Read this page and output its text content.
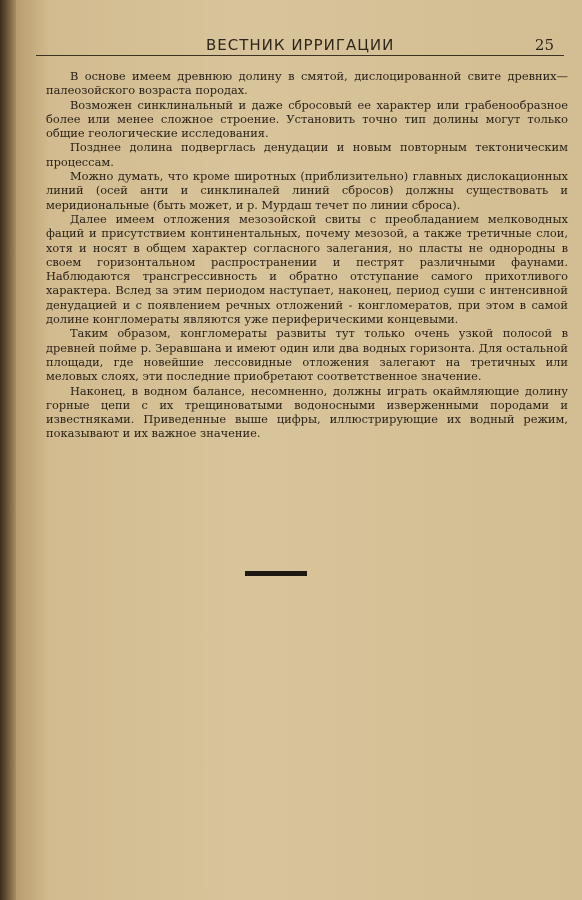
ВЕСТНИК ИРРИГАЦИИ	25

В основе имеем древнюю долину в смятой, дислоцированной свите древних—палеозойского возраста породах.

Возможен синклинальный и даже сбросовый ее характер или грабенообразное более или менее сложное строение. Установить точно тип долины могут только общие геологические исследования.

Позднее долина подверглась денудации и новым повторным тектоническим процессам.

Можно думать, что кроме широтных (приблизительно) главных дислокационных линий (осей анти и синклиналей линий сбросов) должны существовать и меридиональные (быть может, и р. Мурдаш течет по линии сброса).

Далее имеем отложения мезозойской свиты с преобладанием мелководных фаций и присутствием континентальных, почему мезозой, а также третичные слои, хотя и носят в общем характер согласного залегания, но пласты не однородны в своем горизонтальном распространении и пестрят различными фаунами. Наблюдаются трансгрессивность и обратно отступание самого прихотливого характера. Вслед за этим периодом наступает, наконец, период суши с интенсивной денудацией и с появлением речных отложений - конгломератов, при этом в самой долине конгломераты являются уже периферическими концевыми.

Таким образом, конгломераты развиты тут только очень узкой полосой в древней пойме р. Зеравшана и имеют один или два водных горизонта. Для остальной площади, где новейшие лессовидные отложения залегают на третичных или меловых слоях, эти последние приобретают соответственное значение.

Наконец, в водном балансе, несомненно, должны играть окаймляющие долину горные цепи с их трещиноватыми водоносными изверженными породами и известняками. Приведенные выше цифры, иллюстрирующие их водный режим, показывают и их важное значение.
